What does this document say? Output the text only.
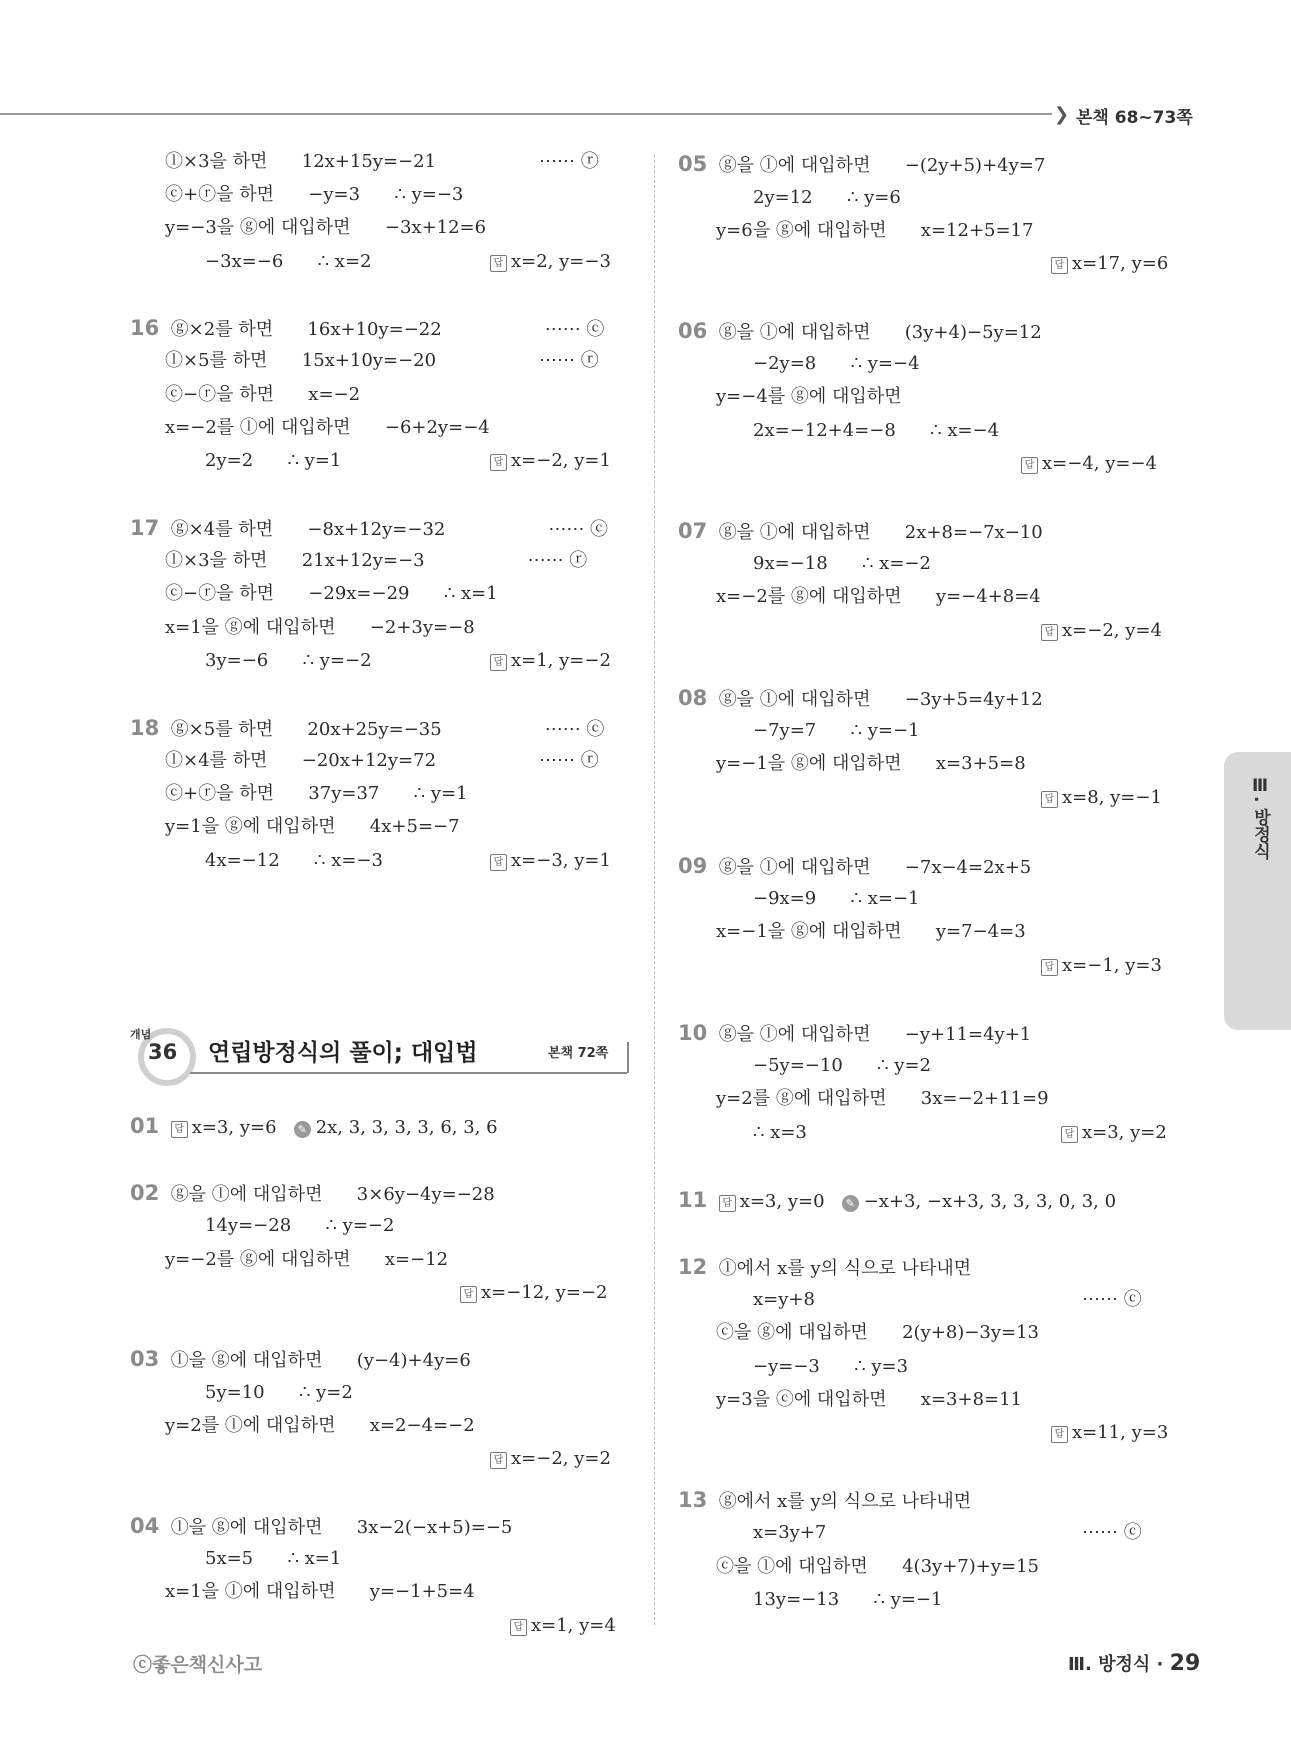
❯ 본책 68~73쪽
ⓛ×3을 하면      12x+15y=−21                  ⋯⋯ ⓡ
ⓒ+ⓡ을 하면      −y=3      ∴ y=−3
y=−3을 ⓖ에 대입하면      −3x+12=6
−3x=−6      ∴ x=2	답 x=2, y=−3
16 ⓖ×2를 하면      16x+10y=−22                  ⋯⋯ ⓒ
ⓛ×5를 하면      15x+10y=−20                  ⋯⋯ ⓡ
ⓒ−ⓡ을 하면      x=−2
x=−2를 ⓛ에 대입하면      −6+2y=−4
2y=2      ∴ y=1	답 x=−2, y=1
17 ⓖ×4를 하면      −8x+12y=−32                  ⋯⋯ ⓒ
ⓛ×3을 하면      21x+12y=−3                  ⋯⋯ ⓡ
ⓒ−ⓡ을 하면      −29x=−29      ∴ x=1
x=1을 ⓖ에 대입하면      −2+3y=−8
3y=−6      ∴ y=−2	답 x=1, y=−2
18 ⓖ×5를 하면      20x+25y=−35                  ⋯⋯ ⓒ
ⓛ×4를 하면      −20x+12y=72                  ⋯⋯ ⓡ
ⓒ+ⓡ을 하면      37y=37      ∴ y=1
y=1을 ⓖ에 대입하면      4x+5=−7
4x=−12      ∴ x=−3	답 x=−3, y=1
01 답 x=3, y=6 ✎ 2x, 3, 3, 3, 3, 6, 3, 6
02 ⓖ을 ⓛ에 대입하면      3×6y−4y=−28
14y=−28      ∴ y=−2
y=−2를 ⓖ에 대입하면      x=−12
답 x=−12, y=−2
03 ⓛ을 ⓖ에 대입하면      (y−4)+4y=6
5y=10      ∴ y=2
y=2를 ⓛ에 대입하면      x=2−4=−2
답 x=−2, y=2
04 ⓛ을 ⓖ에 대입하면      3x−2(−x+5)=−5
5x=5      ∴ x=1
x=1을 ⓛ에 대입하면      y=−1+5=4
답 x=1, y=4
05 ⓖ을 ⓛ에 대입하면      −(2y+5)+4y=7
2y=12      ∴ y=6
y=6을 ⓖ에 대입하면      x=12+5=17
답 x=17, y=6
06 ⓖ을 ⓛ에 대입하면      (3y+4)−5y=12
−2y=8      ∴ y=−4
y=−4를 ⓖ에 대입하면
2x=−12+4=−8      ∴ x=−4
답 x=−4, y=−4
07 ⓖ을 ⓛ에 대입하면      2x+8=−7x−10
9x=−18      ∴ x=−2
x=−2를 ⓖ에 대입하면      y=−4+8=4
답 x=−2, y=4
08 ⓖ을 ⓛ에 대입하면      −3y+5=4y+12
−7y=7      ∴ y=−1
y=−1을 ⓖ에 대입하면      x=3+5=8
답 x=8, y=−1
09 ⓖ을 ⓛ에 대입하면      −7x−4=2x+5
−9x=9      ∴ x=−1
x=−1을 ⓖ에 대입하면      y=7−4=3
답 x=−1, y=3
10 ⓖ을 ⓛ에 대입하면      −y+11=4y+1
−5y=−10      ∴ y=2
y=2를 ⓖ에 대입하면      3x=−2+11=9
∴ x=3	답 x=3, y=2
11 답 x=3, y=0 ✎ −x+3, −x+3, 3, 3, 3, 0, 3, 0
12 ⓛ에서 x를 y의 식으로 나타내면
x=y+8	⋯⋯ ⓒ
ⓒ을 ⓖ에 대입하면      2(y+8)−3y=13
−y=−3      ∴ y=3
y=3을 ⓒ에 대입하면      x=3+8=11
답 x=11, y=3
13 ⓖ에서 x를 y의 식으로 나타내면
x=3y+7	⋯⋯ ⓒ
ⓒ을 ⓛ에 대입하면      4(3y+7)+y=15
13y=−13      ∴ y=−1
개념
36 연립방정식의 풀이; 대입법	본책 72쪽
Ⅲ. 방정식
ⓒ좋은책신사고	Ⅲ. 방정식 · 29
